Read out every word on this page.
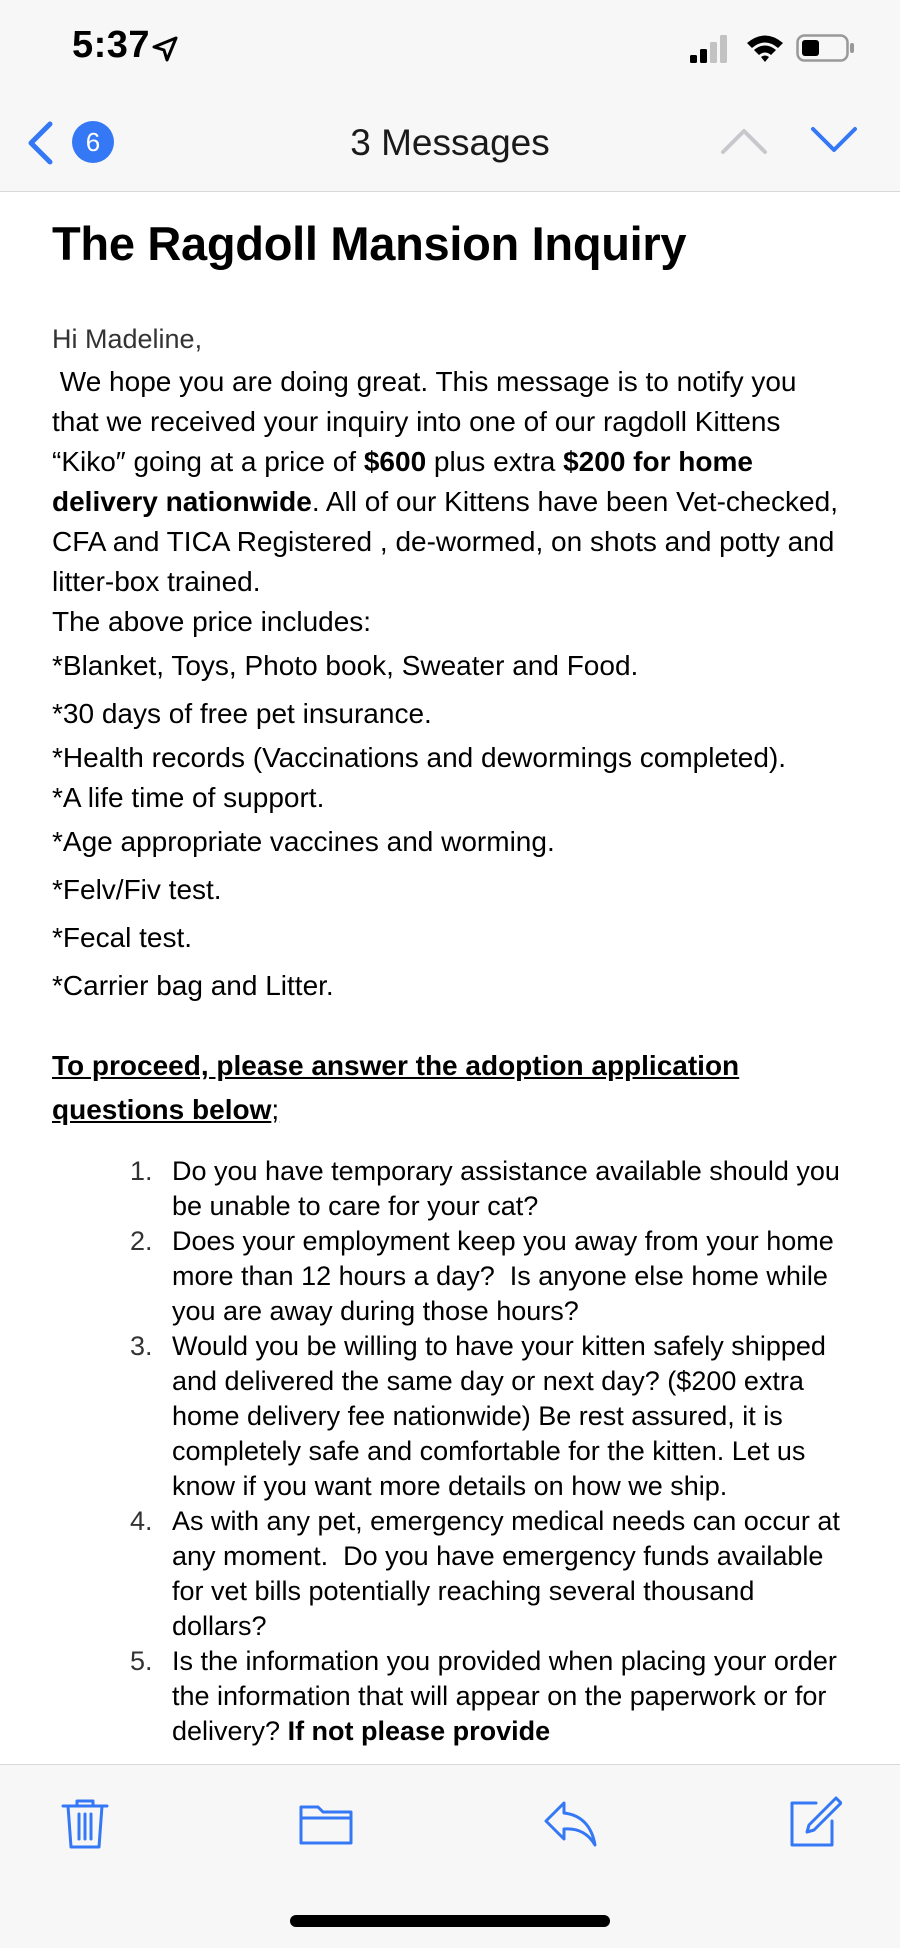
5:37
6	3 Messages
The Ragdoll Mansion Inquiry
Hi Madeline,

We hope you are doing great. This message is to notify you that we received your inquiry into one of our ragdoll Kittens “Kiko″ going at a price of $600 plus extra $200 for home delivery nationwide. All of our Kittens have been Vet-checked, CFA and TICA Registered , de-wormed, on shots and potty and litter-box trained.

The above price includes:

*Blanket, Toys, Photo book, Sweater and Food.

*30 days of free pet insurance.

*Health records (Vaccinations and dewormings completed).

*A life time of support.

*Age appropriate vaccines and worming.

*Felv/Fiv test.

*Fecal test.

*Carrier bag and Litter.

To proceed, please answer the adoption application questions below;
1. Do you have temporary assistance available should you be unable to care for your cat?
2. Does your employment keep you away from your home more than 12 hours a day?  Is anyone else home while you are away during those hours?
3. Would you be willing to have your kitten safely shipped and delivered the same day or next day? ($200 extra home delivery fee nationwide) Be rest assured, it is completely safe and comfortable for the kitten. Let us know if you want more details on how we ship.
4. As with any pet, emergency medical needs can occur at any moment.  Do you have emergency funds available for vet bills potentially reaching several thousand dollars?
5. Is the information you provided when placing your order the information that will appear on the paperwork or for delivery? If not please provide
